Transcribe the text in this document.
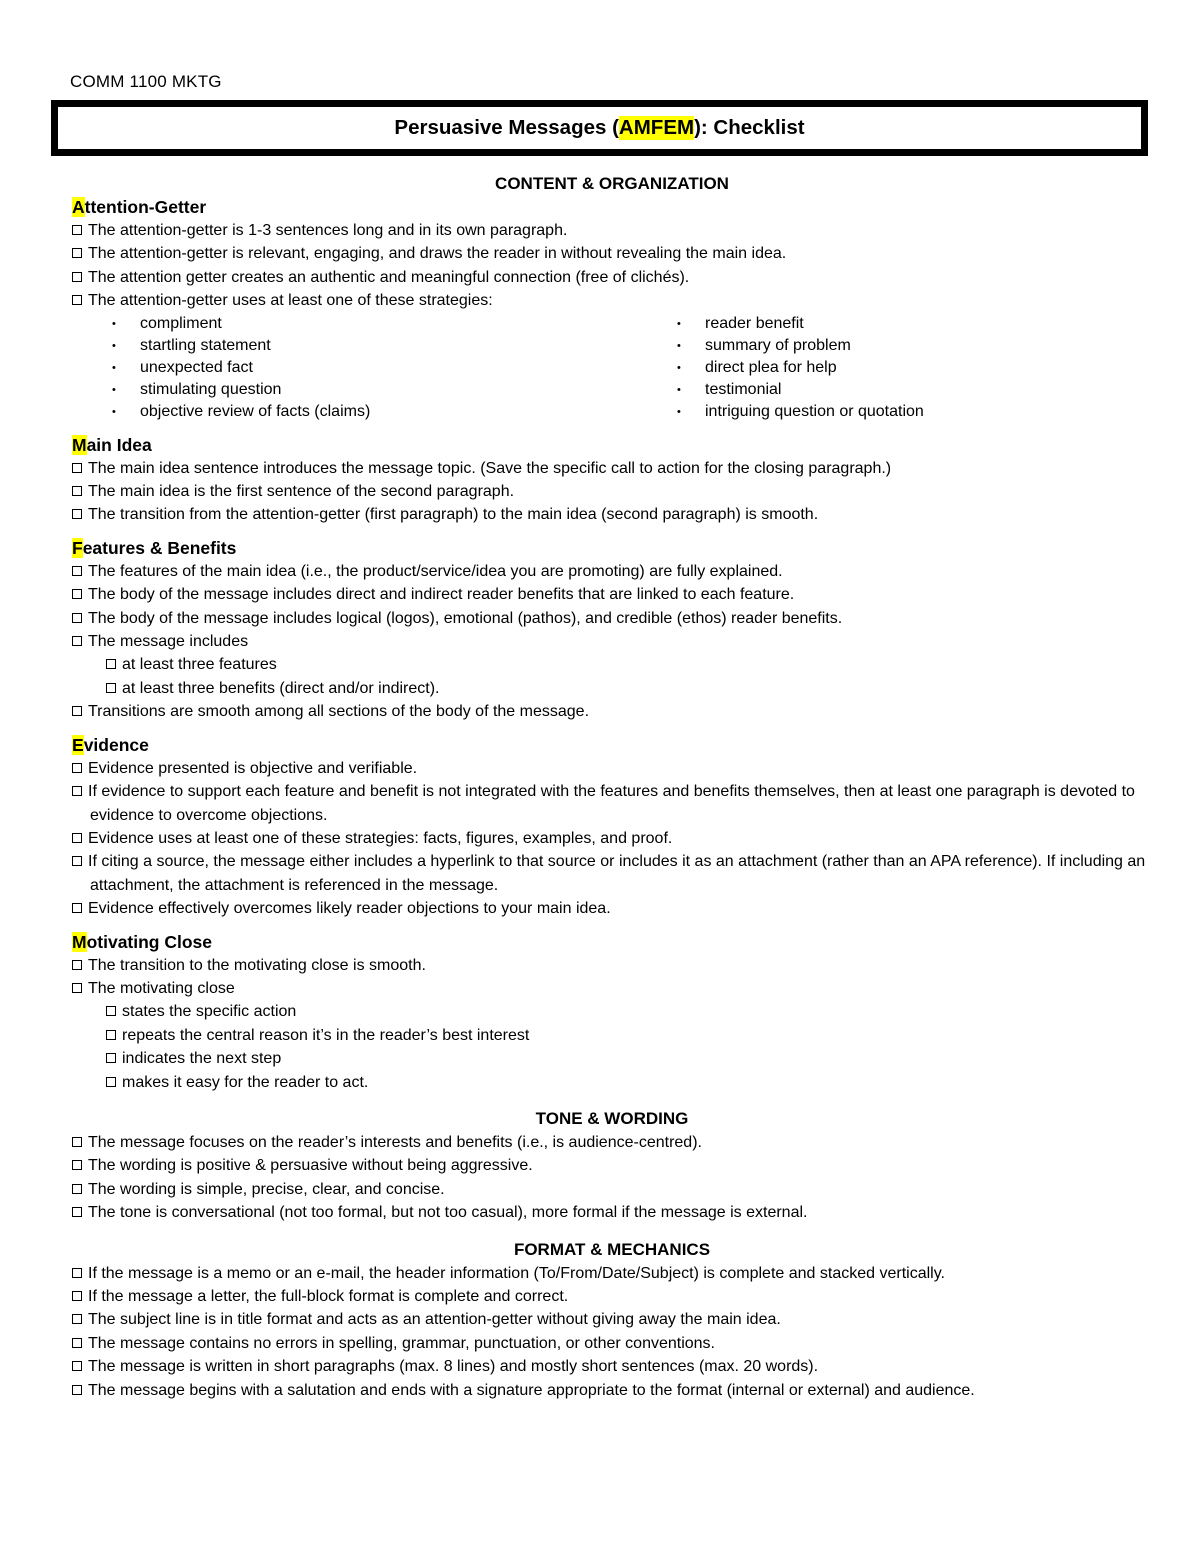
COMM 1100 MKTG
Persuasive Messages ( AMFEM ): Checklist
CONTENT & ORGANIZATION
Attention-Getter
The attention-getter is 1-3 sentences long and in its own paragraph.
The attention-getter is relevant, engaging, and draws the reader in without revealing the main idea.
The attention getter creates an authentic and meaningful connection (free of clichés).
The attention-getter uses at least one of these strategies:
• compliment	• reader benefit
• startling statement	• summary of problem
• unexpected fact	• direct plea for help
• stimulating question	• testimonial
• objective review of facts (claims)	• intriguing question or quotation
Main Idea
The main idea sentence introduces the message topic. (Save the specific call to action for the closing paragraph.)
The main idea is the first sentence of the second paragraph.
The transition from the attention-getter (first paragraph) to the main idea (second paragraph) is smooth.
Features & Benefits
The features of the main idea (i.e., the product/service/idea you are promoting) are fully explained.
The body of the message includes direct and indirect reader benefits that are linked to each feature.
The body of the message includes logical (logos), emotional (pathos), and credible (ethos) reader benefits.
The message includes
at least three features
at least three benefits (direct and/or indirect).
Transitions are smooth among all sections of the body of the message.
Evidence
Evidence presented is objective and verifiable.
If evidence to support each feature and benefit is not integrated with the features and benefits themselves, then at least one paragraph is devoted to evidence to overcome objections.
Evidence uses at least one of these strategies: facts, figures, examples, and proof.
If citing a source, the message either includes a hyperlink to that source or includes it as an attachment (rather than an APA reference). If including an attachment, the attachment is referenced in the message.
Evidence effectively overcomes likely reader objections to your main idea.
Motivating Close
The transition to the motivating close is smooth.
The motivating close
states the specific action
repeats the central reason it’s in the reader’s best interest
indicates the next step
makes it easy for the reader to act.
TONE & WORDING
The message focuses on the reader’s interests and benefits (i.e., is audience-centred).
The wording is positive & persuasive without being aggressive.
The wording is simple, precise, clear, and concise.
The tone is conversational (not too formal, but not too casual), more formal if the message is external.
FORMAT & MECHANICS
If the message is a memo or an e-mail, the header information (To/From/Date/Subject) is complete and stacked vertically.
If the message a letter, the full-block format is complete and correct.
The subject line is in title format and acts as an attention-getter without giving away the main idea.
The message contains no errors in spelling, grammar, punctuation, or other conventions.
The message is written in short paragraphs (max. 8 lines) and mostly short sentences (max. 20 words).
The message begins with a salutation and ends with a signature appropriate to the format (internal or external) and audience.
